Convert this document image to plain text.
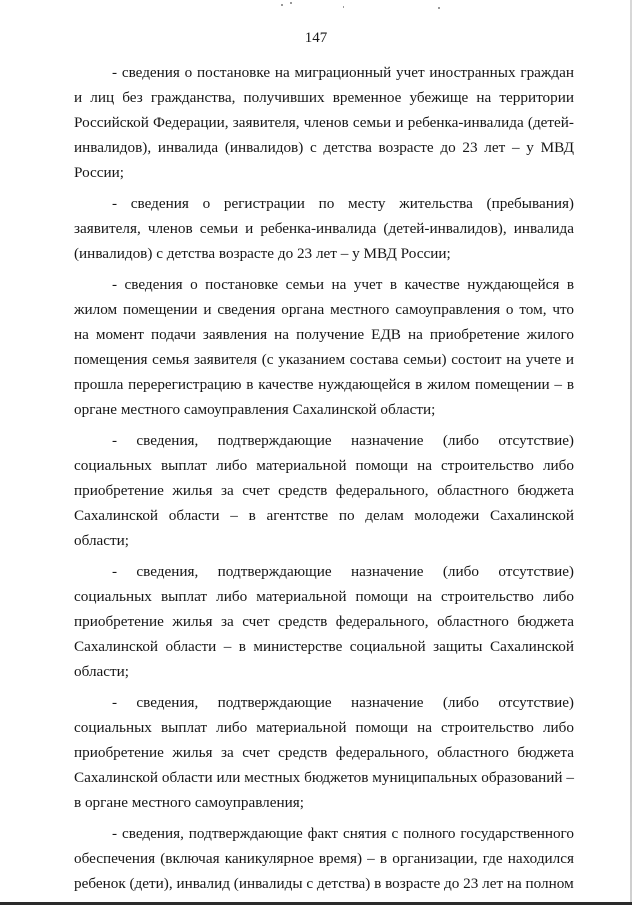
147

- сведения о постановке на миграционный учет иностранных граждан и лиц без гражданства, получивших временное убежище на территории Российской Федерации, заявителя, членов семьи и ребенка-инвалида (детей-инвалидов), инвалида (инвалидов) с детства возрасте до 23 лет – у МВД России;

- сведения о регистрации по месту жительства (пребывания) заявителя, членов семьи и ребенка-инвалида (детей-инвалидов), инвалида (инвалидов) с детства возрасте до 23 лет – у МВД России;

- сведения о постановке семьи на учет в качестве нуждающейся в жилом помещении и сведения органа местного самоуправления о том, что на момент подачи заявления на получение ЕДВ на приобретение жилого помещения семья заявителя (с указанием состава семьи) состоит на учете и прошла перерегистрацию в качестве нуждающейся в жилом помещении – в органе местного самоуправления Сахалинской области;

- сведения, подтверждающие назначение (либо отсутствие) социальных выплат либо материальной помощи на строительство либо приобретение жилья за счет средств федерального, областного бюджета Сахалинской области – в агентстве по делам молодежи Сахалинской области;

- сведения, подтверждающие назначение (либо отсутствие) социальных выплат либо материальной помощи на строительство либо приобретение жилья за счет средств федерального, областного бюджета Сахалинской области – в министерстве социальной защиты Сахалинской области;

- сведения, подтверждающие назначение (либо отсутствие) социальных выплат либо материальной помощи на строительство либо приобретение жилья за счет средств федерального, областного бюджета Сахалинской области или местных бюджетов муниципальных образований – в органе местного самоуправления;

- сведения, подтверждающие факт снятия с полного государственного обеспечения (включая каникулярное время) – в организации, где находился ребенок (дети), инвалид (инвалиды с детства) в возрасте до 23 лет на полном
